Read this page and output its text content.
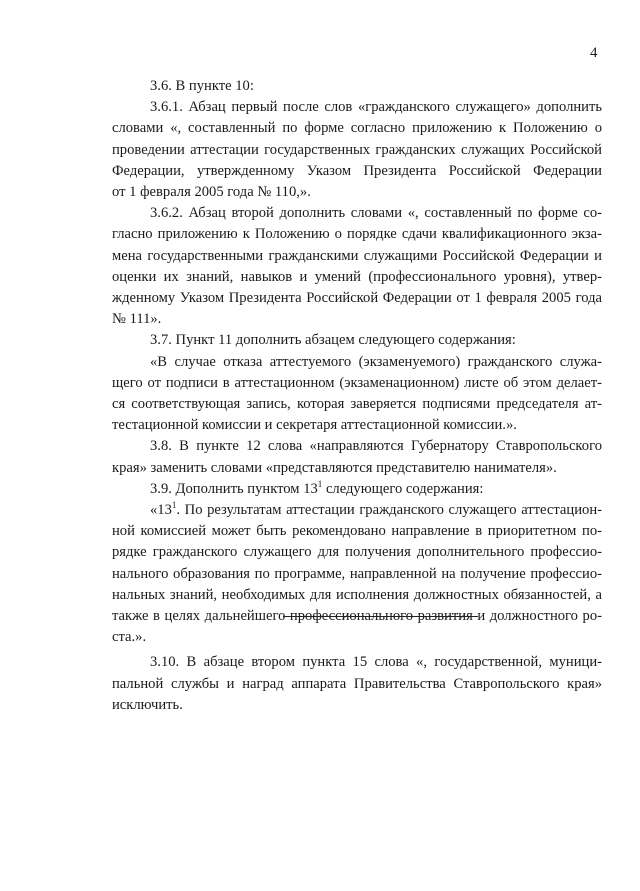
4
3.6. В пункте 10:
3.6.1. Абзац первый после слов «гражданского служащего» дополнить
словами «, составленный по форме согласно приложению к Положению о
проведении аттестации государственных гражданских служащих Российской
Федерации, утвержденному Указом Президента Российской Федерации
от 1 февраля 2005 года № 110,».
3.6.2. Абзац второй дополнить словами «, составленный по форме со-
гласно приложению к Положению о порядке сдачи квалификационного экза-
мена государственными гражданскими служащими Российской Федерации и
оценки их знаний, навыков и умений (профессионального уровня), утвер-
жденному Указом Президента Российской Федерации от 1 февраля 2005 года
№ 111».
3.7. Пункт 11 дополнить абзацем следующего содержания:
«В случае отказа аттестуемого (экзаменуемого) гражданского служа-
щего от подписи в аттестационном (экзаменационном) листе об этом делает-
ся соответствующая запись, которая заверяется подписями председателя ат-
тестационной комиссии и секретаря аттестационной комиссии.».
3.8. В пункте 12 слова «направляются Губернатору Ставропольского
края» заменить словами «представляются представителю нанимателя».
3.9. Дополнить пунктом $13^1$ следующего содержания:
«$13^1$. По результатам аттестации гражданского служащего аттестацион-
ной комиссией может быть рекомендовано направление в приоритетном по-
рядке гражданского служащего для получения дополнительного профессио-
нального образования по программе, направленной на получение профессио-
нальных знаний, необходимых для исполнения должностных обязанностей, а
также в целях дальнейшего профессионального развития и должностного ро-
ста.».
3.10. В абзаце втором пункта 15 слова «, государственной, муници-
пальной службы и наград аппарата Правительства Ставропольского края»
исключить.
